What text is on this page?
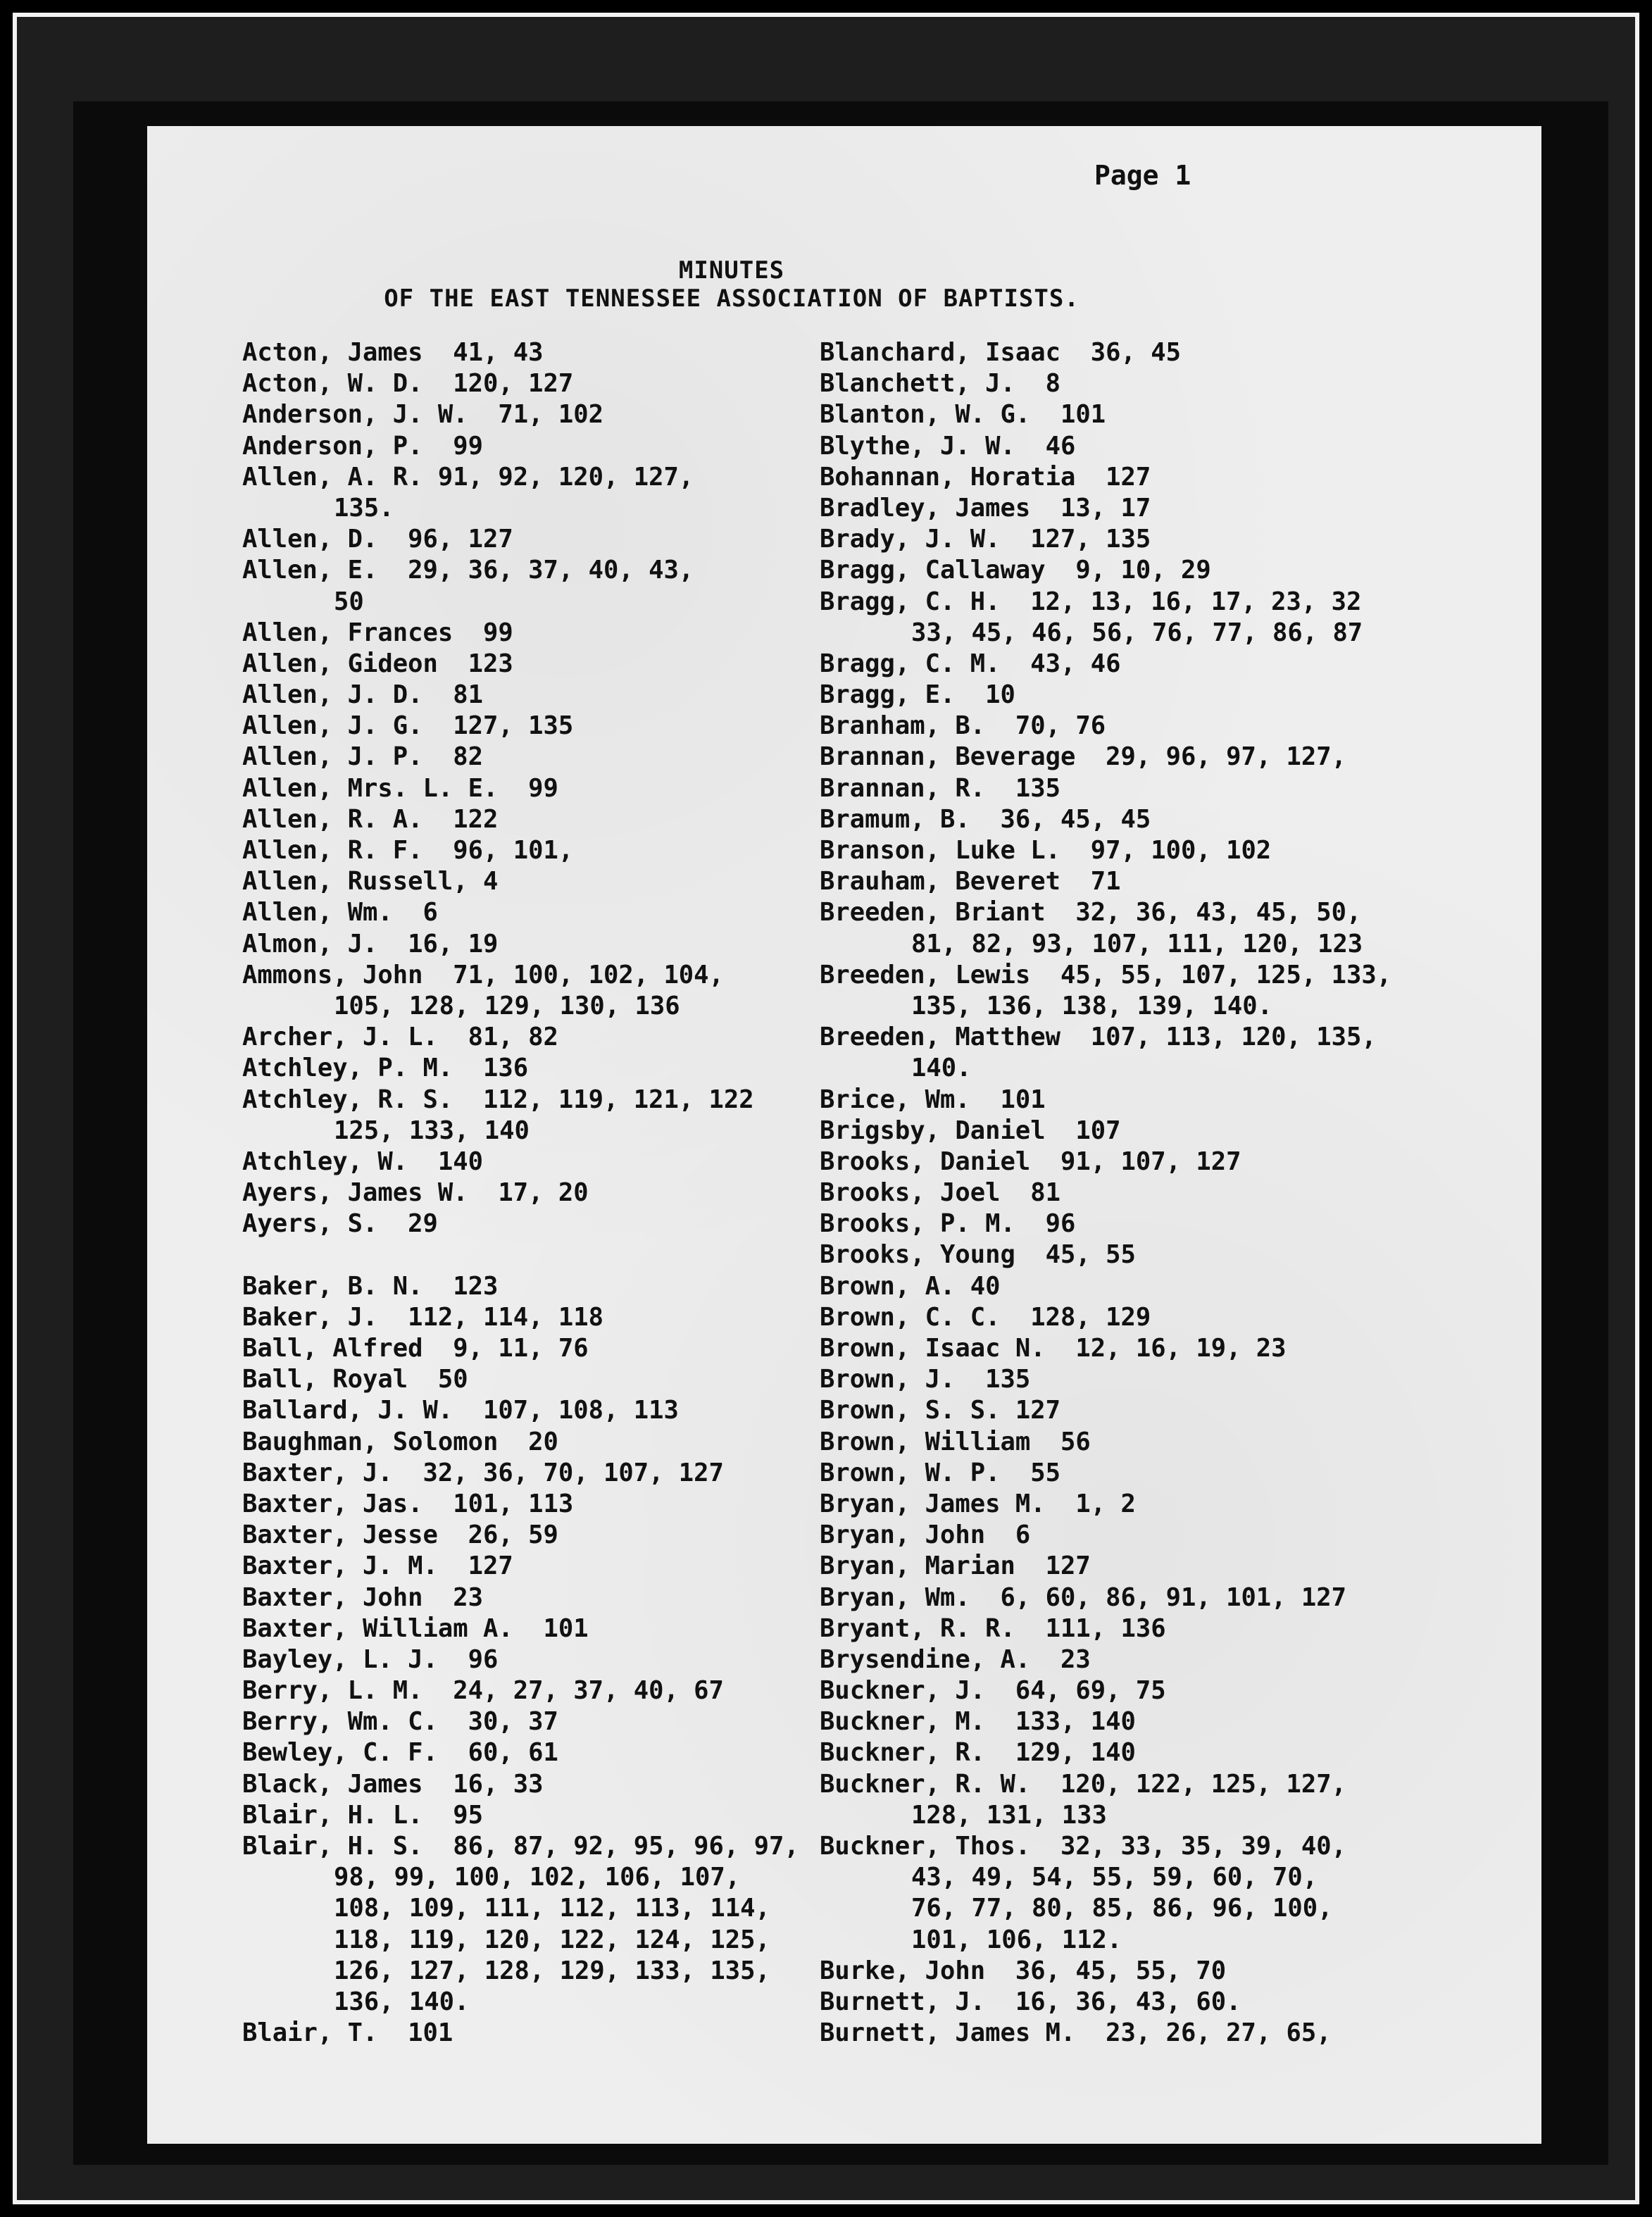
Page 1

MINUTES

OF THE EAST TENNESSEE ASSOCIATION OF BAPTISTS.

Acton, James  41, 43
Acton, W. D.  120, 127
Anderson, J. W.  71, 102
Anderson, P.  99
Allen, A. R. 91, 92, 120, 127,
135.
Allen, D.  96, 127
Allen, E.  29, 36, 37, 40, 43,
50
Allen, Frances  99
Allen, Gideon  123
Allen, J. D.  81
Allen, J. G.  127, 135
Allen, J. P.  82
Allen, Mrs. L. E.  99
Allen, R. A.  122
Allen, R. F.  96, 101,
Allen, Russell, 4
Allen, Wm.  6
Almon, J.  16, 19
Ammons, John  71, 100, 102, 104,
105, 128, 129, 130, 136
Archer, J. L.  81, 82
Atchley, P. M.  136
Atchley, R. S.  112, 119, 121, 122
125, 133, 140
Atchley, W.  140
Ayers, James W.  17, 20
Ayers, S.  29
Baker, B. N.  123
Baker, J.  112, 114, 118
Ball, Alfred  9, 11, 76
Ball, Royal  50
Ballard, J. W.  107, 108, 113
Baughman, Solomon  20
Baxter, J.  32, 36, 70, 107, 127
Baxter, Jas.  101, 113
Baxter, Jesse  26, 59
Baxter, J. M.  127
Baxter, John  23
Baxter, William A.  101
Bayley, L. J.  96
Berry, L. M.  24, 27, 37, 40, 67
Berry, Wm. C.  30, 37
Bewley, C. F.  60, 61
Black, James  16, 33
Blair, H. L.  95
Blair, H. S.  86, 87, 92, 95, 96, 97,
98, 99, 100, 102, 106, 107,
108, 109, 111, 112, 113, 114,
118, 119, 120, 122, 124, 125,
126, 127, 128, 129, 133, 135,
136, 140.
Blair, T.  101
Blanchard, Isaac  36, 45
Blanchett, J.  8
Blanton, W. G.  101
Blythe, J. W.  46
Bohannan, Horatia  127
Bradley, James  13, 17
Brady, J. W.  127, 135
Bragg, Callaway  9, 10, 29
Bragg, C. H.  12, 13, 16, 17, 23, 32
33, 45, 46, 56, 76, 77, 86, 87
Bragg, C. M.  43, 46
Bragg, E.  10
Branham, B.  70, 76
Brannan, Beverage  29, 96, 97, 127,
Brannan, R.  135
Bramum, B.  36, 45, 45
Branson, Luke L.  97, 100, 102
Brauham, Beveret  71
Breeden, Briant  32, 36, 43, 45, 50,
81, 82, 93, 107, 111, 120, 123
Breeden, Lewis  45, 55, 107, 125, 133,
135, 136, 138, 139, 140.
Breeden, Matthew  107, 113, 120, 135,
140.
Brice, Wm.  101
Brigsby, Daniel  107
Brooks, Daniel  91, 107, 127
Brooks, Joel  81
Brooks, P. M.  96
Brooks, Young  45, 55
Brown, A. 40
Brown, C. C.  128, 129
Brown, Isaac N.  12, 16, 19, 23
Brown, J.  135
Brown, S. S. 127
Brown, William  56
Brown, W. P.  55
Bryan, James M.  1, 2
Bryan, John  6
Bryan, Marian  127
Bryan, Wm.  6, 60, 86, 91, 101, 127
Bryant, R. R.  111, 136
Brysendine, A.  23
Buckner, J.  64, 69, 75
Buckner, M.  133, 140
Buckner, R.  129, 140
Buckner, R. W.  120, 122, 125, 127,
128, 131, 133
Buckner, Thos.  32, 33, 35, 39, 40,
43, 49, 54, 55, 59, 60, 70,
76, 77, 80, 85, 86, 96, 100,
101, 106, 112.
Burke, John  36, 45, 55, 70
Burnett, J.  16, 36, 43, 60.
Burnett, James M.  23, 26, 27, 65,
